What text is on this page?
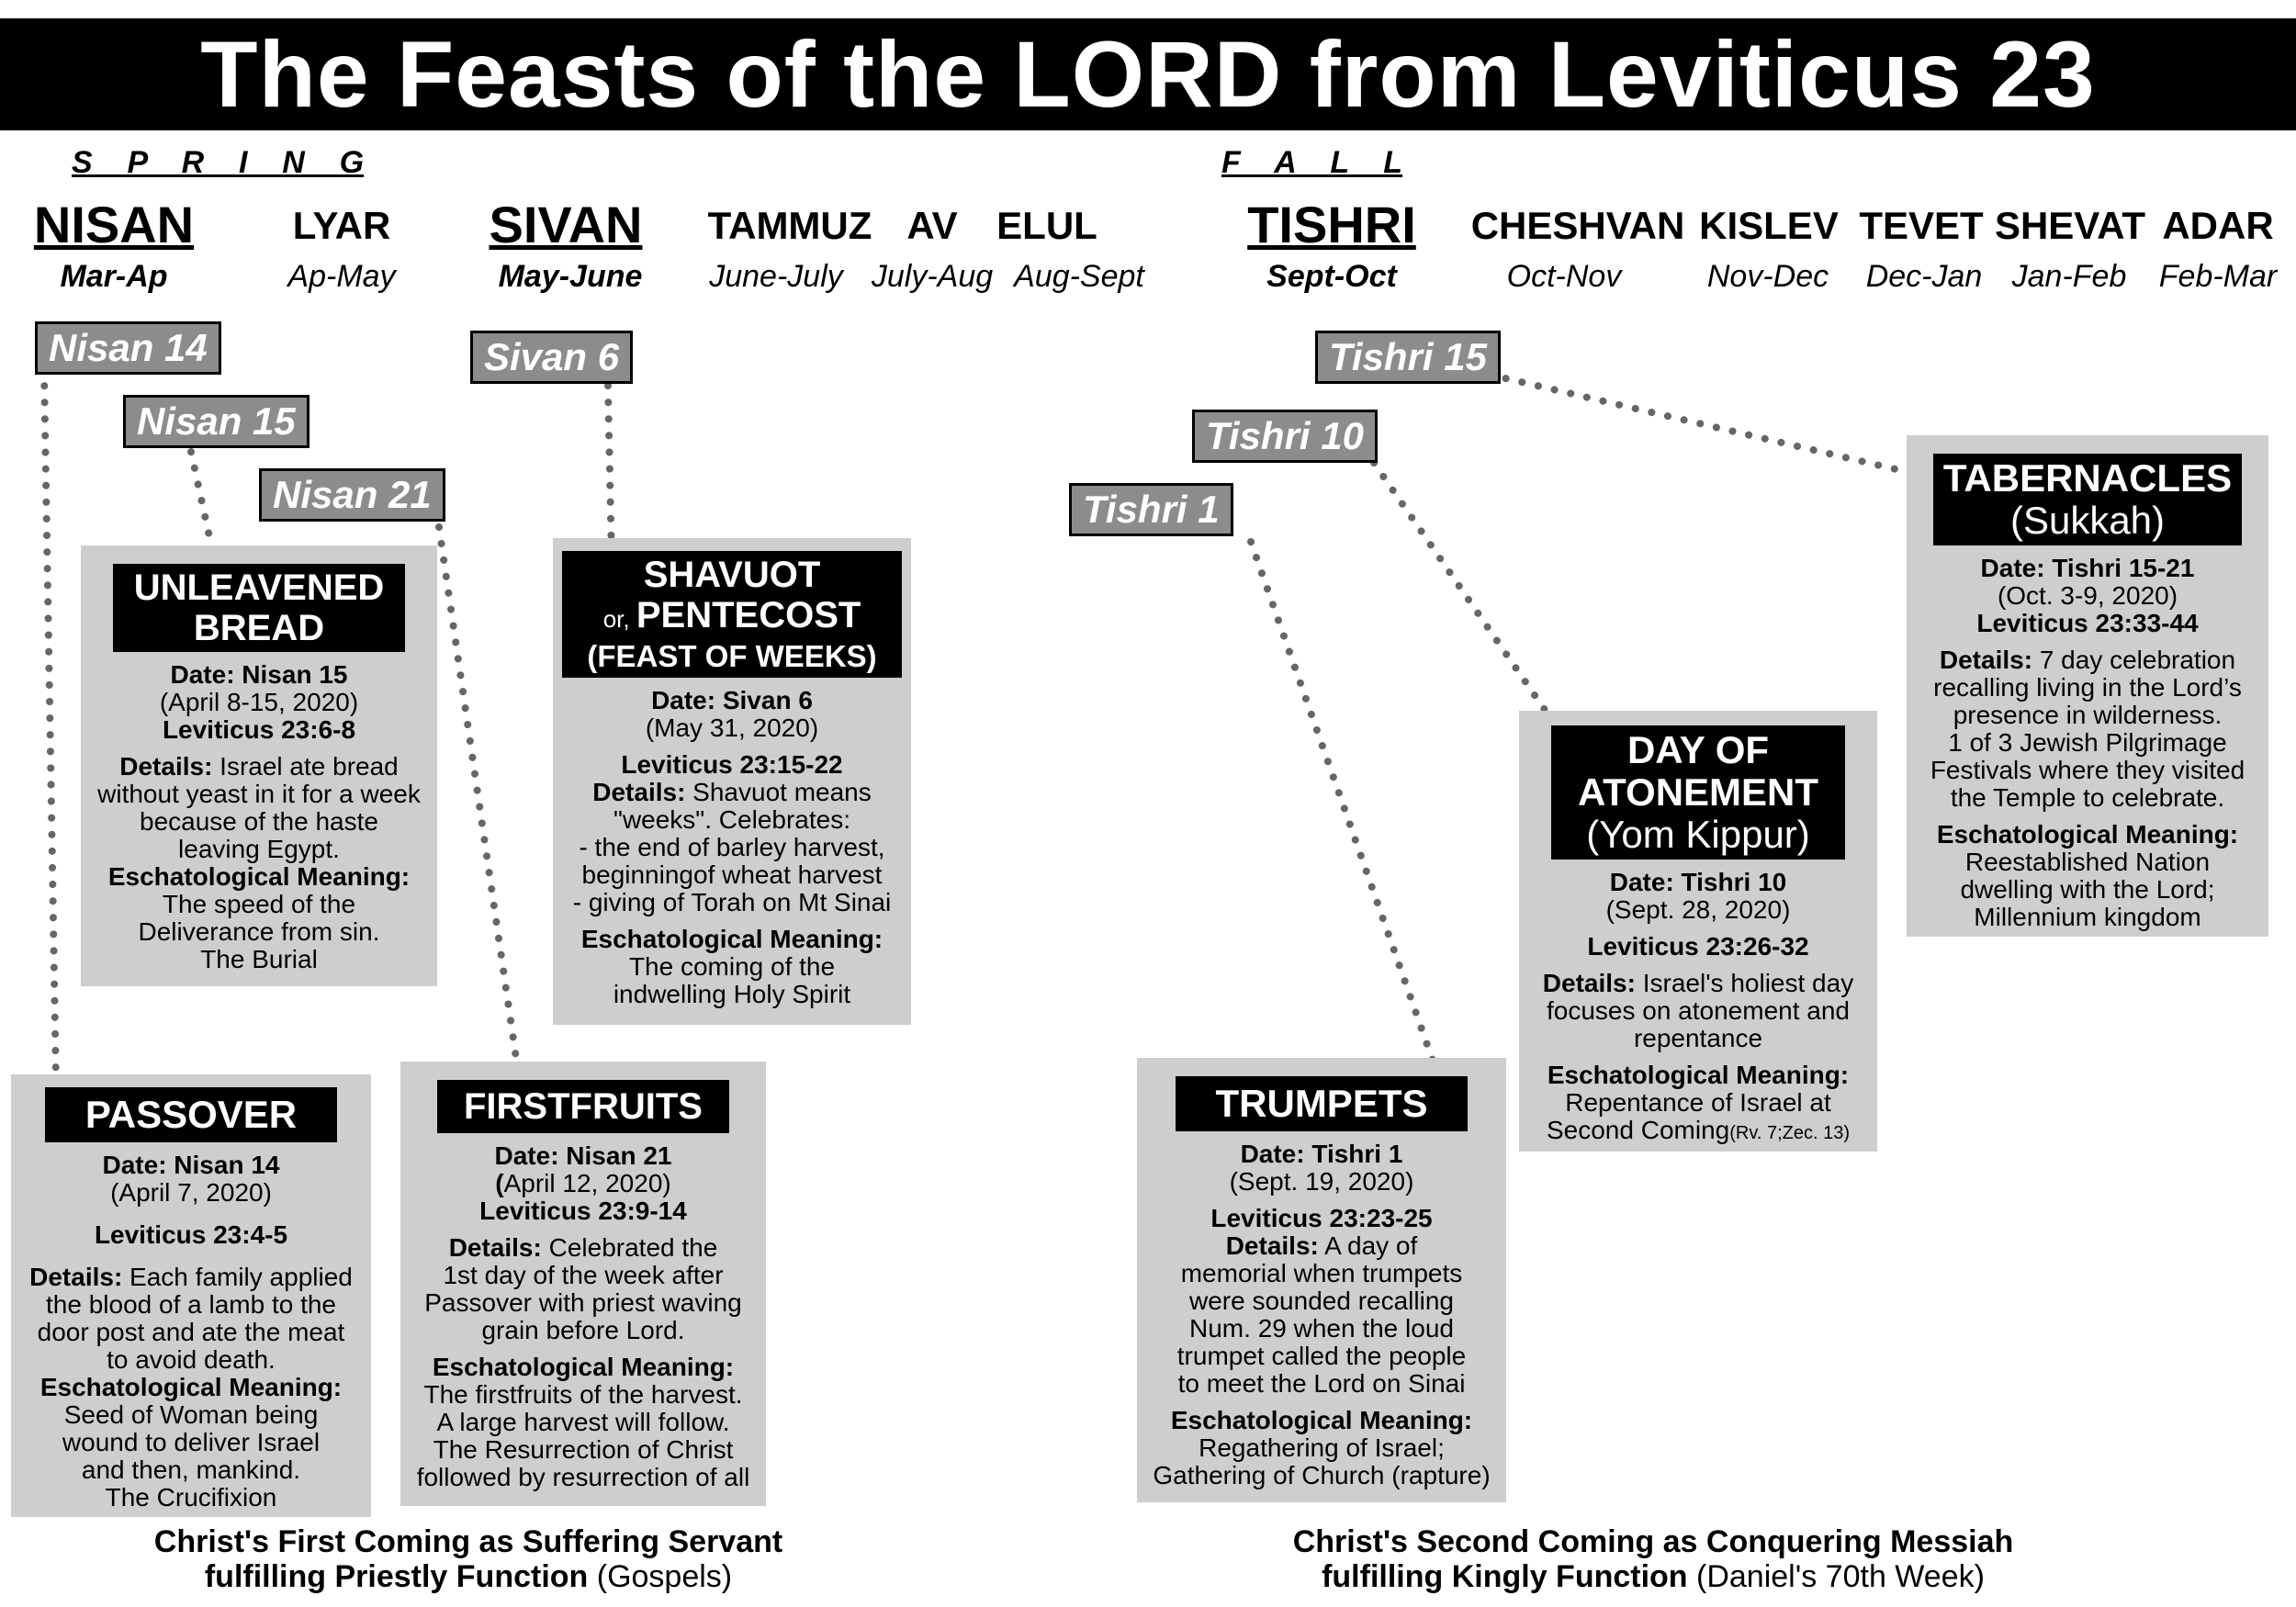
The Feasts of the LORD from Leviticus 23
S    P    R    I    N    G	F    A    L    L
NISAN
Mar-Ap
LYAR
Ap-May
SIVAN
May-June
TAMMUZ
June-July
AV
July-Aug
ELUL
Aug-Sept
TISHRI
Sept-Oct
CHESHVAN
Oct-Nov
KISLEV
Nov-Dec
TEVET
Dec-Jan
SHEVAT
Jan-Feb
ADAR
Feb-Mar
Nisan 14
Nisan 15
Nisan 21
Sivan 6
Tishri 1
Tishri 10
Tishri 15
UNLEAVENED
BREAD

Date: Nisan 15

(April 8-15, 2020)

Leviticus 23:6-8

Details: Israel ate bread
without yeast in it for a week
because of the haste
leaving Egypt.

Eschatological Meaning:

The speed of the
Deliverance from sin.
The Burial

SHAVUOT
or, PENTECOST
(FEAST OF WEEKS)

Date: Sivan 6

(May 31, 2020)

Leviticus 23:15-22

Details: Shavuot means
"weeks". Celebrates:
- the end of barley harvest,
beginningof wheat harvest
- giving of Torah on Mt Sinai

Eschatological Meaning:

The coming of the
indwelling Holy Spirit

PASSOVER

Date: Nisan 14

(April 7, 2020)

Leviticus 23:4-5

Details: Each family applied
the blood of a lamb to the
door post and ate the meat
to avoid death.

Eschatological Meaning:

Seed of Woman being
wound to deliver Israel
and then, mankind.
The Crucifixion

FIRSTFRUITS

Date: Nisan 21

(April 12, 2020)

Leviticus 23:9-14

Details: Celebrated the
1st day of the week after
Passover with priest waving
grain before Lord.

Eschatological Meaning:

The firstfruits of the harvest.
A large harvest will follow.
The Resurrection of Christ
followed by resurrection of all

TRUMPETS

Date: Tishri 1

(Sept. 19, 2020)

Leviticus 23:23-25

Details: A day of
memorial when trumpets
were sounded recalling
Num. 29 when the loud
trumpet called the people
to meet the Lord on Sinai

Eschatological Meaning:

Regathering of Israel;
Gathering of Church (rapture)

DAY OF
ATONEMENT
(Yom Kippur)

Date: Tishri 10

(Sept. 28, 2020)

Leviticus 23:26-32

Details: Israel's holiest day
focuses on atonement and
repentance

Eschatological Meaning:

Repentance of Israel at
Second Coming(Rv. 7;Zec. 13)

TABERNACLES
(Sukkah)

Date: Tishri 15-21

(Oct. 3-9, 2020)

Leviticus 23:33-44

Details: 7 day celebration
recalling living in the Lord’s
presence in wilderness.
1 of 3 Jewish Pilgrimage
Festivals where they visited
the Temple to celebrate.

Eschatological Meaning:

Reestablished Nation
dwelling with the Lord;
Millennium kingdom

Christ's First Coming as Suffering Servant
fulfilling Priestly Function (Gospels)
Christ's Second Coming as Conquering Messiah
fulfilling Kingly Function (Daniel's 70th Week)
